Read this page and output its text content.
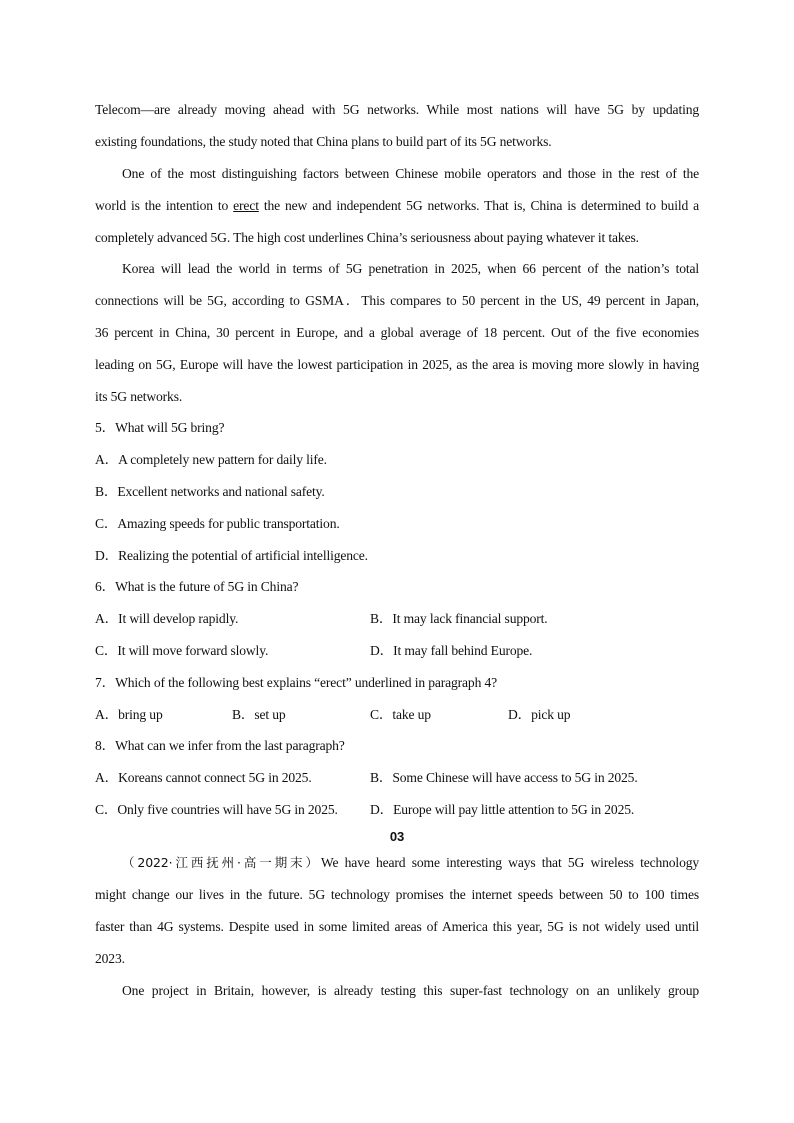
Telecom—are already moving ahead with 5G networks. While most nations will have 5G by updating
existing foundations, the study noted that China plans to build part of its 5G networks.
One of the most distinguishing factors between Chinese mobile operators and those in the rest of the
world is the intention to erect the new and independent 5G networks. That is, China is determined to build a
completely advanced 5G. The high cost underlines China’s seriousness about paying whatever it takes.
Korea will lead the world in terms of 5G penetration in 2025, when 66 percent of the nation’s total
connections will be 5G, according to GSMA．This compares to 50 percent in the US, 49 percent in Japan,
36 percent in China, 30 percent in Europe, and a global average of 18 percent. Out of the five economies
leading on 5G, Europe will have the lowest participation in 2025, as the area is moving more slowly in having
its 5G networks.
5．What will 5G bring?
A．A completely new pattern for daily life.
B．Excellent networks and national safety.
C．Amazing speeds for public transportation.
D．Realizing the potential of artificial intelligence.
6．What is the future of 5G in China?
A．It will develop rapidly.	B．It may lack financial support.
C．It will move forward slowly.	D．It may fall behind Europe.
7．Which of the following best explains “erect” underlined in paragraph 4?
A．bring up	B．set up	C．take up	D．pick up
8．What can we infer from the last paragraph?
A．Koreans cannot connect 5G in 2025.	B．Some Chinese will have access to 5G in 2025.
C．Only five countries will have 5G in 2025. D．Europe will pay little attention to 5G in 2025.
03
（2022·江西抚州·高一期末）We have heard some interesting ways that 5G wireless technology
might change our lives in the future. 5G technology promises the internet speeds between 50 to 100 times
faster than 4G systems. Despite used in some limited areas of America this year, 5G is not widely used until
2023.
One project in Britain, however, is already testing this super-fast technology on an unlikely group
